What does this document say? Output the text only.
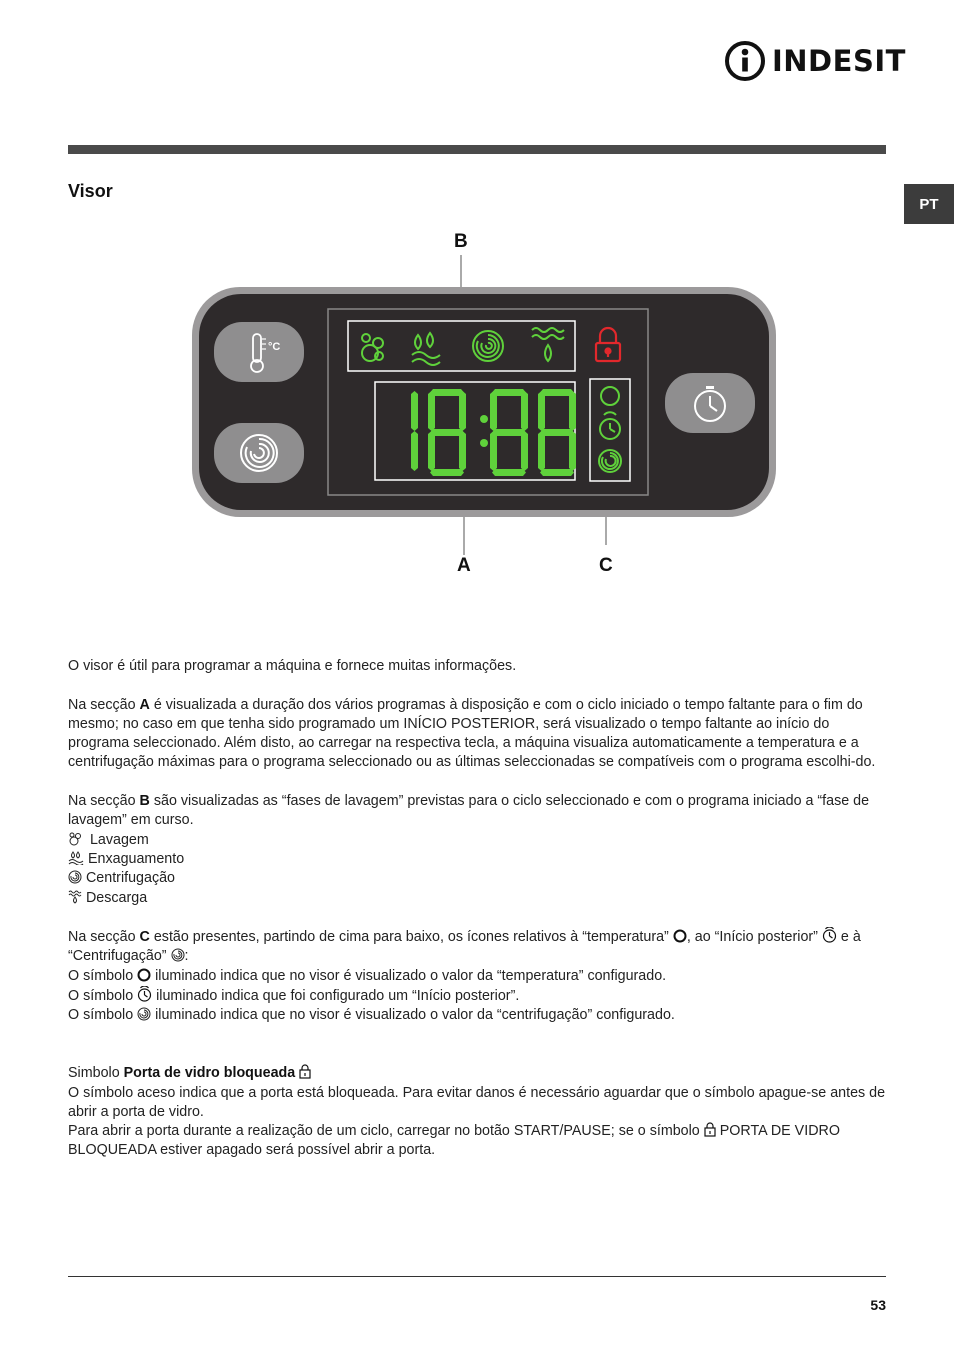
INDESIT
PT
Visor
°C
18:88
B
A	C

O visor é útil para programar a máquina e fornece muitas informações.

Na secção A é visualizada a duração dos vários programas à disposição e com o ciclo iniciado o tempo faltante para o fim do mesmo; no caso em que tenha sido programado um INÍCIO POSTERIOR, será visualizado o tempo faltante ao início do programa seleccionado. Além disto, ao carregar na respectiva tecla, a máquina visualiza automaticamente a temperatura e a centrifugação máximas para o programa seleccionado ou as últimas seleccionadas se compatíveis com o programa escolhi-do.

Na secção B são visualizadas as “fases de lavagem” previstas para o ciclo seleccionado e com o programa iniciado a “fase de lavagem” em curso.

Lavagem

Enxaguamento

Centrifugação

Descarga

Na secção C estão presentes, partindo de cima para baixo, os ícones relativos à “temperatura” , ao “Início posterior” e à “Centrifugação” :

O símbolo iluminado indica que no visor é visualizado o valor da “temperatura” configurado.

O símbolo iluminado indica que foi configurado um “Início posterior”.

O símbolo iluminado indica que no visor é visualizado o valor da “centrifugação” configurado.

Simbolo Porta de vidro bloqueada

O símbolo aceso indica que a porta está bloqueada. Para evitar danos é necessário aguardar que o símbolo apague-se antes de abrir a porta de vidro.

Para abrir a porta durante a realização de um ciclo, carregar no botão START/PAUSE; se o símbolo PORTA DE VIDRO BLOQUEADA estiver apagado será possível abrir a porta.

53
